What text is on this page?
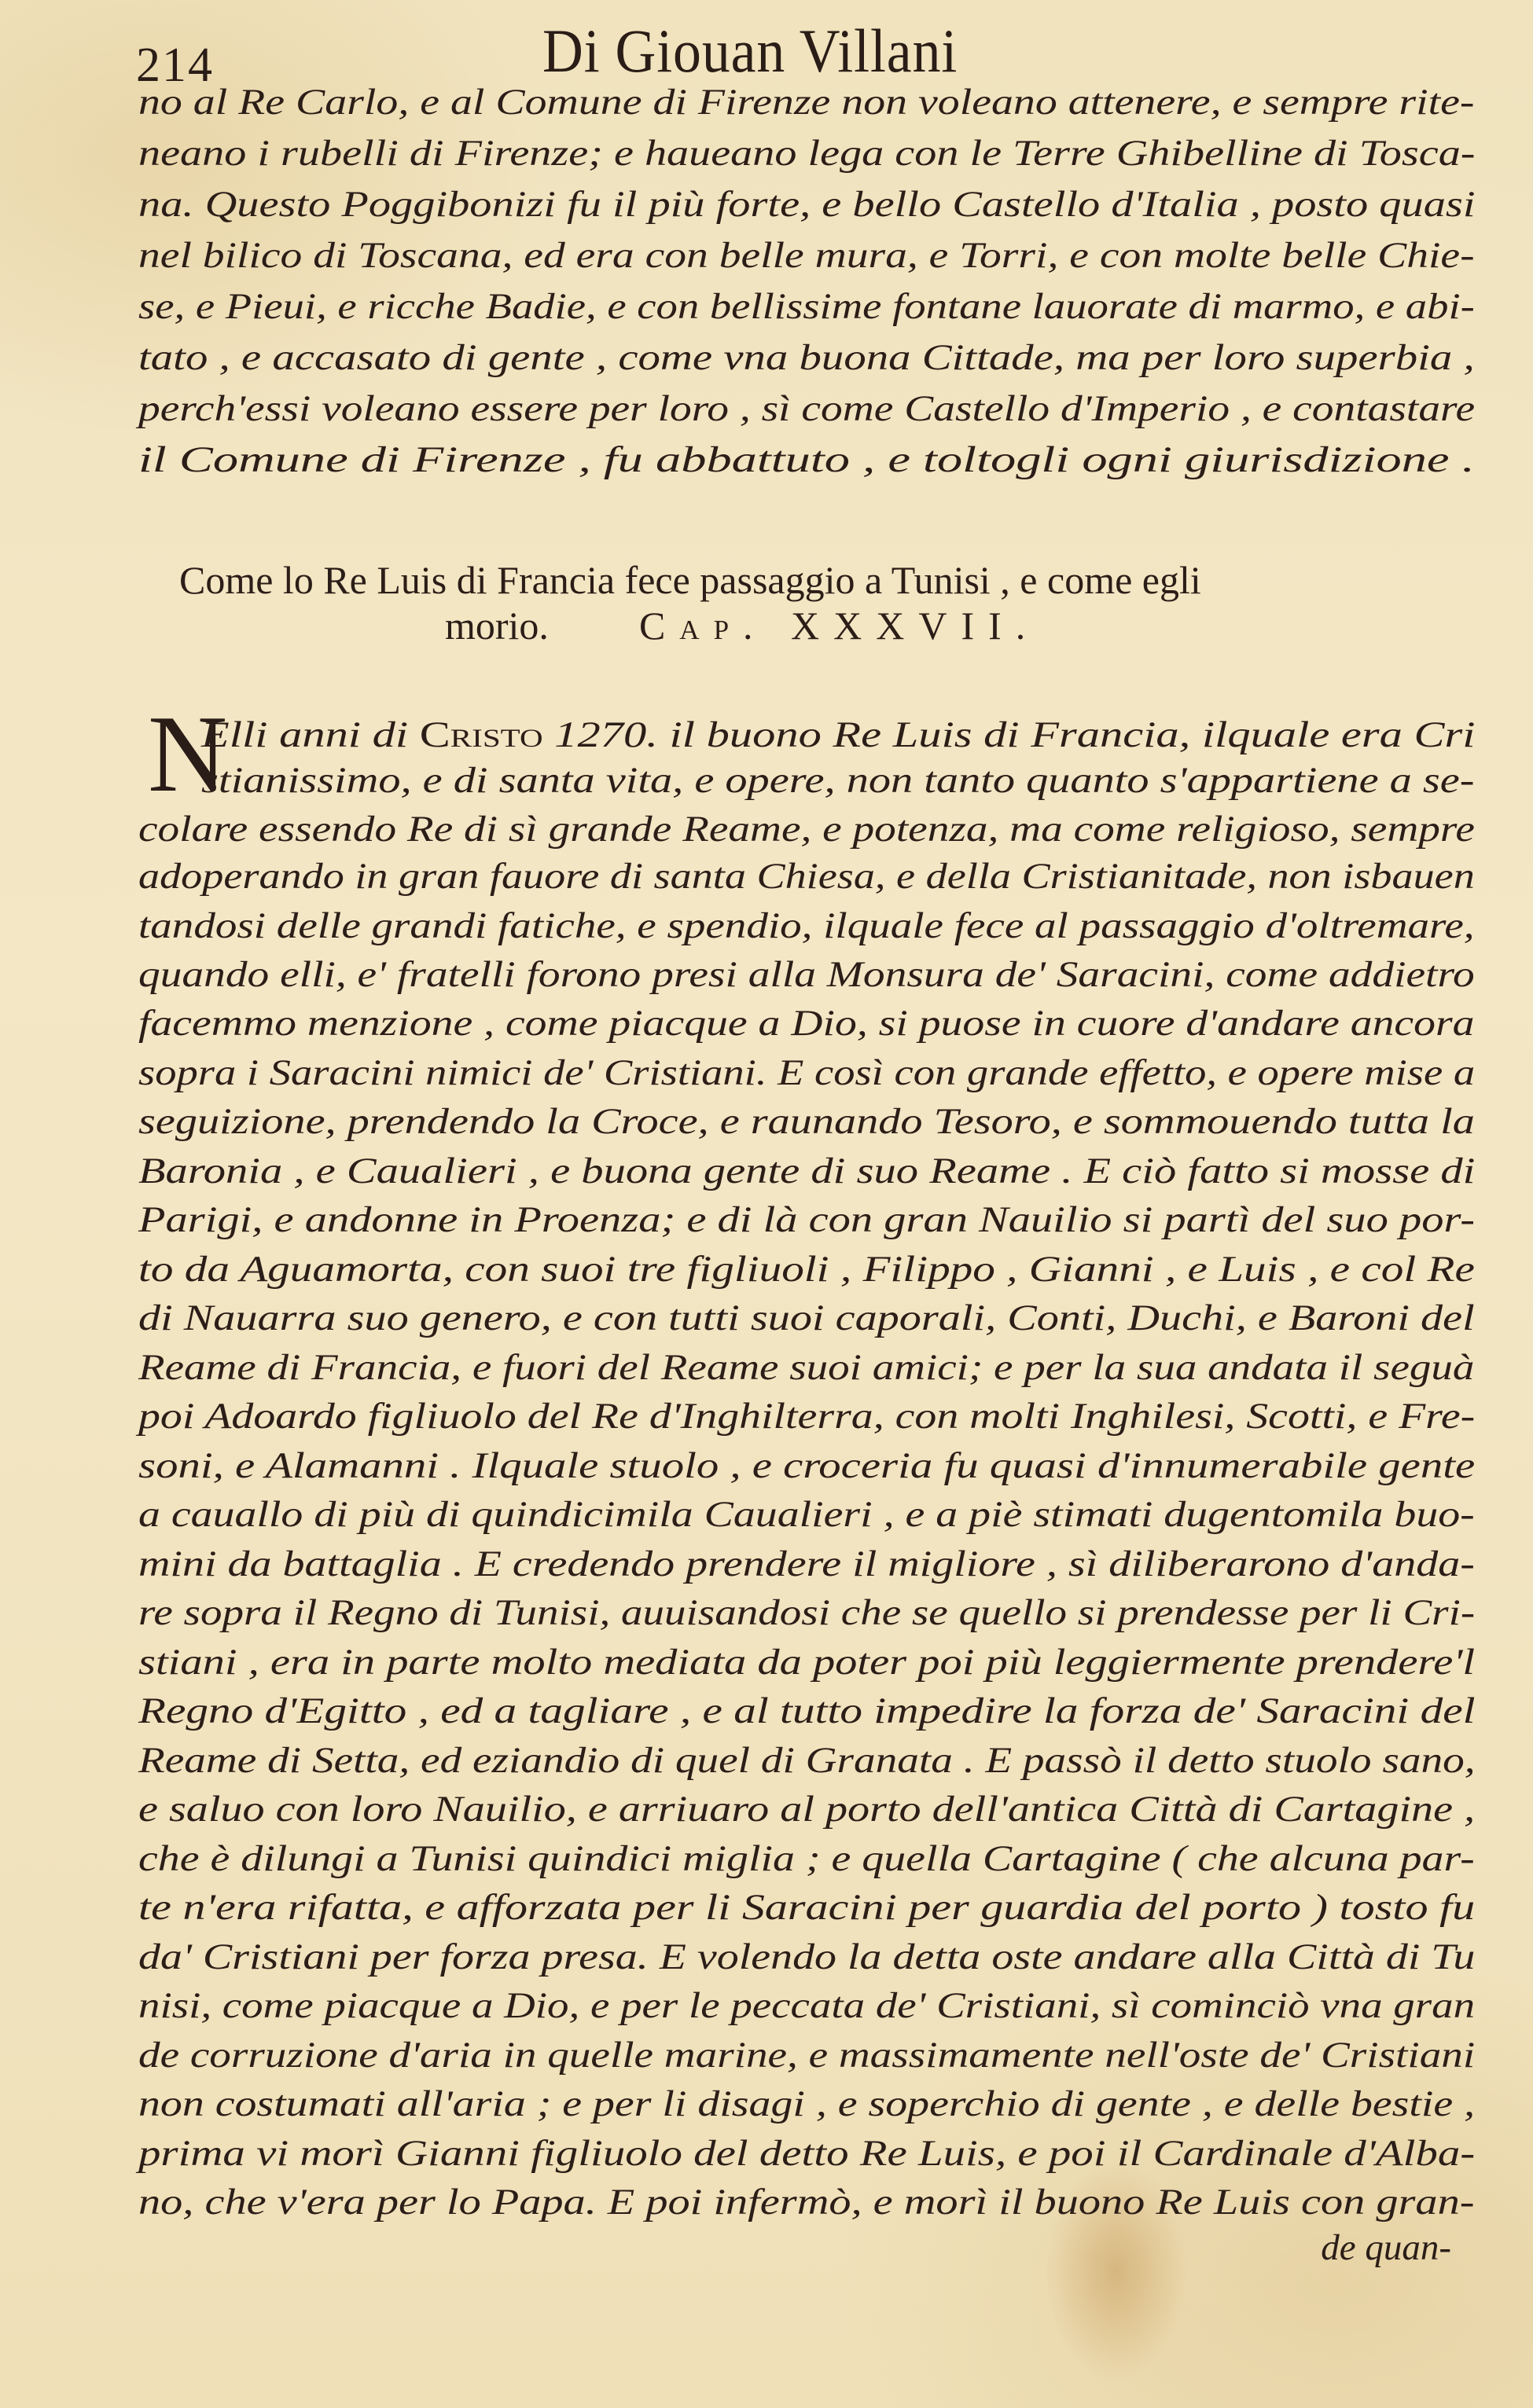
214	Di Giouan Villani
no al Re Carlo, e al Comune di Firenze non voleano attenere, e sempre rite-
neano i rubelli di Firenze; e haueano lega con le Terre Ghibelline di Tosca-
na. Questo Poggibonizi fu il più forte, e bello Castello d'Italia , posto quasi
nel bilico di Toscana, ed era con belle mura, e Torri, e con molte belle Chie-
se, e Pieui, e ricche Badie, e con bellissime fontane lauorate di marmo, e abi-
tato , e accasato di gente , come vna buona Cittade, ma per loro superbia ,
perch'essi voleano essere per loro , sì come Castello d'Imperio , e contastare
il Comune di Firenze , fu abbattuto , e toltogli ogni giurisdizione .
Come lo Re Luis di Francia fece passaggio a Tunisi , e come egli
morio. Cap. XXXVII.
N
Elli anni di Cristo 1270. il buono Re Luis di Francia, ilquale era Cri
stianissimo, e di santa vita, e opere, non tanto quanto s'appartiene a se-
colare essendo Re di sì grande Reame, e potenza, ma come religioso, sempre
adoperando in gran fauore di santa Chiesa, e della Cristianitade, non isbauen
tandosi delle grandi fatiche, e spendio, ilquale fece al passaggio d'oltremare,
quando elli, e' fratelli forono presi alla Monsura de' Saracini, come addietro
facemmo menzione , come piacque a Dio, si puose in cuore d'andare ancora
sopra i Saracini nimici de' Cristiani. E così con grande effetto, e opere mise a
seguizione, prendendo la Croce, e raunando Tesoro, e sommouendo tutta la
Baronia , e Caualieri , e buona gente di suo Reame . E ciò fatto si mosse di
Parigi, e andonne in Proenza; e di là con gran Nauilio si partì del suo por-
to da Aguamorta, con suoi tre figliuoli , Filippo , Gianni , e Luis , e col Re
di Nauarra suo genero, e con tutti suoi caporali, Conti, Duchi, e Baroni del
Reame di Francia, e fuori del Reame suoi amici; e per la sua andata il seguà
poi Adoardo figliuolo del Re d'Inghilterra, con molti Inghilesi, Scotti, e Fre-
soni, e Alamanni . Ilquale stuolo , e croceria fu quasi d'innumerabile gente
a cauallo di più di quindicimila Caualieri , e a piè stimati dugentomila buo-
mini da battaglia . E credendo prendere il migliore , sì diliberarono d'anda-
re sopra il Regno di Tunisi, auuisandosi che se quello si prendesse per li Cri-
stiani , era in parte molto mediata da poter poi più leggiermente prendere'l
Regno d'Egitto , ed a tagliare , e al tutto impedire la forza de' Saracini del
Reame di Setta, ed eziandio di quel di Granata . E passò il detto stuolo sano,
e saluo con loro Nauilio, e arriuaro al porto dell'antica Città di Cartagine ,
che è dilungi a Tunisi quindici miglia ; e quella Cartagine ( che alcuna par-
te n'era rifatta, e afforzata per li Saracini per guardia del porto ) tosto fu
da' Cristiani per forza presa. E volendo la detta oste andare alla Città di Tu
nisi, come piacque a Dio, e per le peccata de' Cristiani, sì cominciò vna gran
de corruzione d'aria in quelle marine, e massimamente nell'oste de' Cristiani
non costumati all'aria ; e per li disagi , e soperchio di gente , e delle bestie ,
prima vi morì Gianni figliuolo del detto Re Luis, e poi il Cardinale d'Alba-
no, che v'era per lo Papa. E poi infermò, e morì il buono Re Luis con gran-
de quan-
